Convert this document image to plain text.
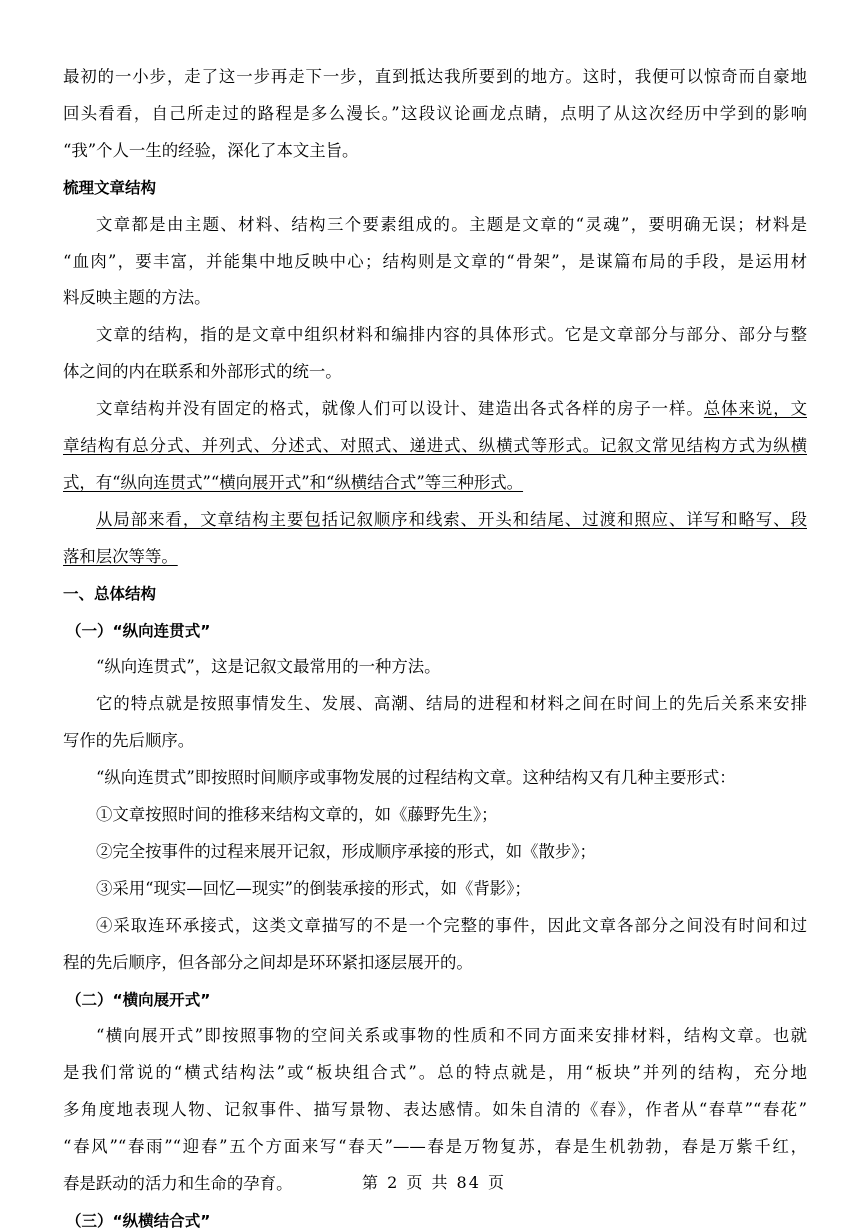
最初的一小步，走了这一步再走下一步，直到抵达我所要到的地方。这时，我便可以惊奇而自豪地
回头看看，自己所走过的路程是多么漫长。”这段议论画龙点睛，点明了从这次经历中学到的影响
“我”个人一生的经验，深化了本文主旨。
梳理文章结构
文章都是由主题、材料、结构三个要素组成的。主题是文章的“灵魂”，要明确无误；材料是
“血肉”，要丰富，并能集中地反映中心；结构则是文章的“骨架”，是谋篇布局的手段，是运用材
料反映主题的方法。
文章的结构，指的是文章中组织材料和编排内容的具体形式。它是文章部分与部分、部分与整
体之间的内在联系和外部形式的统一。
文章结构并没有固定的格式，就像人们可以设计、建造出各式各样的房子一样。总体来说，文
章结构有总分式、并列式、分述式、对照式、递进式、纵横式等形式。记叙文常见结构方式为纵横
式，有“纵向连贯式”“横向展开式”和“纵横结合式”等三种形式。
从局部来看，文章结构主要包括记叙顺序和线索、开头和结尾、过渡和照应、详写和略写、段
落和层次等等。
一、总体结构
（一）“纵向连贯式”
“纵向连贯式”，这是记叙文最常用的一种方法。
它的特点就是按照事情发生、发展、高潮、结局的进程和材料之间在时间上的先后关系来安排
写作的先后顺序。
“纵向连贯式”即按照时间顺序或事物发展的过程结构文章。这种结构又有几种主要形式：
①文章按照时间的推移来结构文章的，如《藤野先生》；
②完全按事件的过程来展开记叙，形成顺序承接的形式，如《散步》；
③采用“现实—回忆—现实”的倒装承接的形式，如《背影》；
④采取连环承接式，这类文章描写的不是一个完整的事件，因此文章各部分之间没有时间和过
程的先后顺序，但各部分之间却是环环紧扣逐层展开的。
（二）“横向展开式”
“横向展开式”即按照事物的空间关系或事物的性质和不同方面来安排材料，结构文章。也就
是我们常说的“横式结构法”或“板块组合式”。总的特点就是，用“板块”并列的结构，充分地
多角度地表现人物、记叙事件、描写景物、表达感情。如朱自清的《春》，作者从“春草”“春花”
“春风”“春雨”“迎春”五个方面来写“春天”——春是万物复苏，春是生机勃勃，春是万紫千红，
春是跃动的活力和生命的孕育。
（三）“纵横结合式”
第 2 页 共 84 页
